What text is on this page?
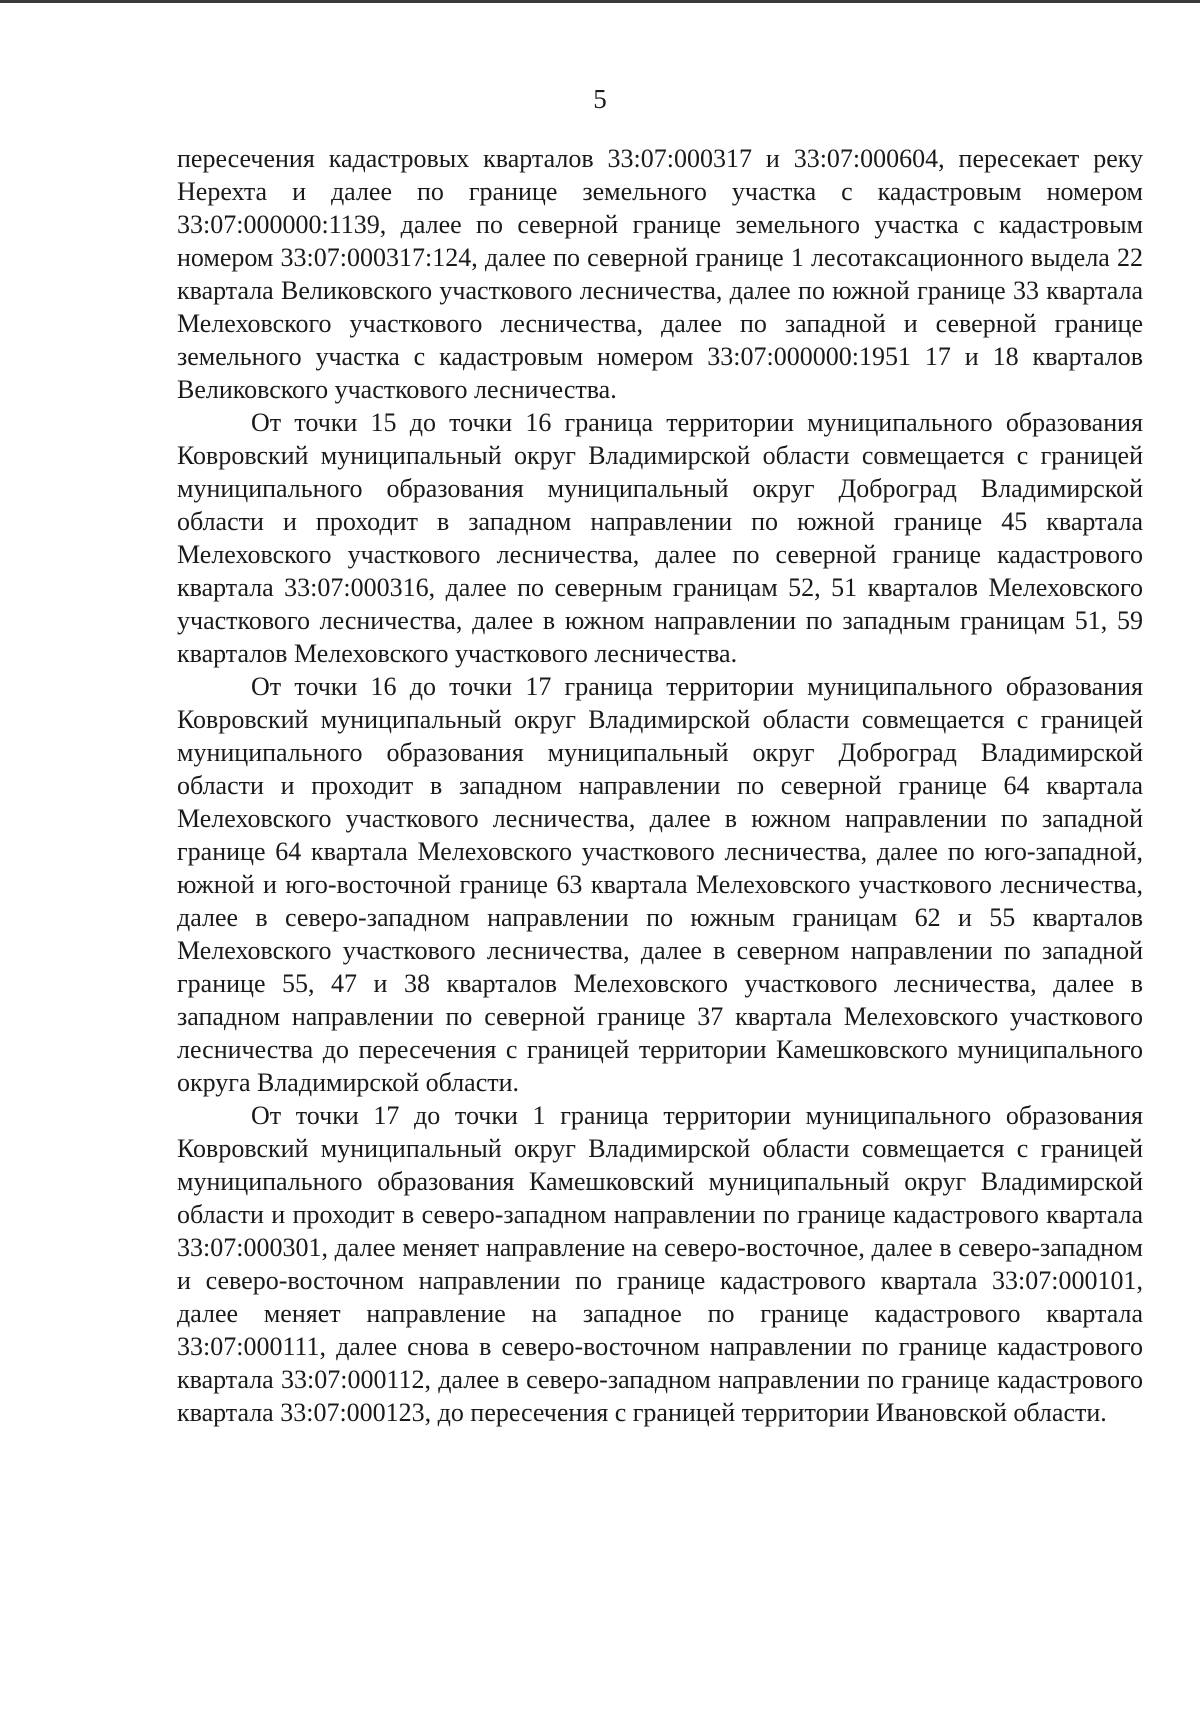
5

пересечения кадастровых кварталов 33:07:000317 и 33:07:000604, пересекает реку Нерехта и далее по границе земельного участка с кадастровым номером 33:07:000000:1139, далее по северной границе земельного участка с кадастровым номером 33:07:000317:124, далее по северной границе 1 лесотаксационного выдела 22 квартала Великовского участкового лесничества, далее по южной границе 33 квартала Мелеховского участкового лесничества, далее по западной и северной границе земельного участка с кадастровым номером 33:07:000000:1951 17 и 18 кварталов Великовского участкового лесничества.

От точки 15 до точки 16 граница территории муниципального образования Ковровский муниципальный округ Владимирской области совмещается с границей муниципального образования муниципальный округ Доброград Владимирской области и проходит в западном направлении по южной границе 45 квартала Мелеховского участкового лесничества, далее по северной границе кадастрового квартала 33:07:000316, далее по северным границам 52, 51 кварталов Мелеховского участкового лесничества, далее в южном направлении по западным границам 51, 59 кварталов Мелеховского участкового лесничества.

От точки 16 до точки 17 граница территории муниципального образования Ковровский муниципальный округ Владимирской области совмещается с границей муниципального образования муниципальный округ Доброград Владимирской области и проходит в западном направлении по северной границе 64 квартала Мелеховского участкового лесничества, далее в южном направлении по западной границе 64 квартала Мелеховского участкового лесничества, далее по юго-западной, южной и юго-восточной границе 63 квартала Мелеховского участкового лесничества, далее в северо-западном направлении по южным границам 62 и 55 кварталов Мелеховского участкового лесничества, далее в северном направлении по западной границе 55, 47 и 38 кварталов Мелеховского участкового лесничества, далее в западном направлении по северной границе 37 квартала Мелеховского участкового лесничества до пересечения с границей территории Камешковского муниципального округа Владимирской области.

От точки 17 до точки 1 граница территории муниципального образования Ковровский муниципальный округ Владимирской области совмещается с границей муниципального образования Камешковский муниципальный округ Владимирской области и проходит в северо-западном направлении по границе кадастрового квартала 33:07:000301, далее меняет направление на северо-восточное, далее в северо-западном и северо-восточном направлении по границе кадастрового квартала 33:07:000101, далее меняет направление на западное по границе кадастрового квартала 33:07:000111, далее снова в северо-восточном направлении по границе кадастрового квартала 33:07:000112, далее в северо-западном направлении по границе кадастрового квартала 33:07:000123, до пересечения с границей территории Ивановской области.
